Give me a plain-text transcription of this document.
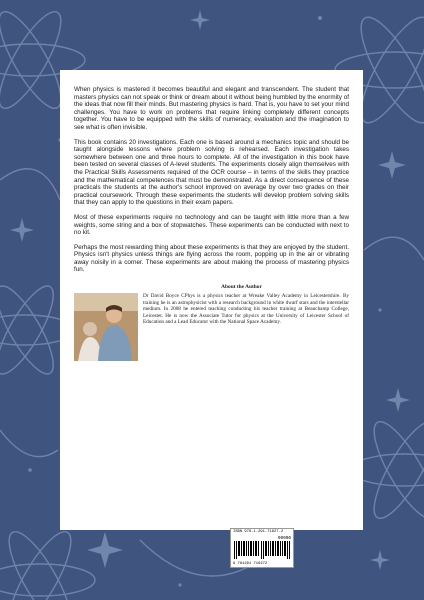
When physics is mastered it becomes beautiful and elegant and transcendent. The student that masters physics can not speak or think or dream about it without being humbled by the enormity of the ideas that now fill their minds. But mastering physics is hard. That is, you have to set your mind challenges. You have to work on problems that require linking completely different concepts together. You have to be equipped with the skills of numeracy, evaluation and the imagination to see what is often invisible.

This book contains 20 investigations. Each one is based around a mechanics topic and should be taught alongside lessons where problem solving is rehearsed. Each investigation takes somewhere between one and three hours to complete. All of the investigation in this book have been tested on several classes of A-level students. The experiments closely align themselves with the Practical Skills Assessments required of the OCR course – in terms of the skills they practice and the mathematical competences that must be demonstrated. As a direct consequence of these practicals the students at the author's school improved on average by over two grades on their practical coursework. Through these experiments the students will develop problem solving skills that they can apply to the questions in their exam papers.

Most of these experiments require no technology and can be taught with little more than a few weights, some string and a box of stopwatches. These experiments can be conducted with next to no kit.

Perhaps the most rewarding thing about these experiments is that they are enjoyed by the student. Physics isn't physics unless things are flying across the room, popping up in the air or vibrating away noisily in a corner. These experiments are about making the process of mastering physics fun.

About the Author

Dr David Boyce CPhys is a physics teacher at Wreake Valley Academy in Leicestershire. By training he is an astrophysicist with a research background in white dwarf stars and the interstellar medium. In 2008 he entered teaching conducting his teacher training at Beauchamp College, Leicester. He is now the Associate Tutor for physics at the University of Leicester School of Education and a Lead Educator with the National Space Academy.

ISBN 978-1-291-71627-2
90000
9 781291 716272
